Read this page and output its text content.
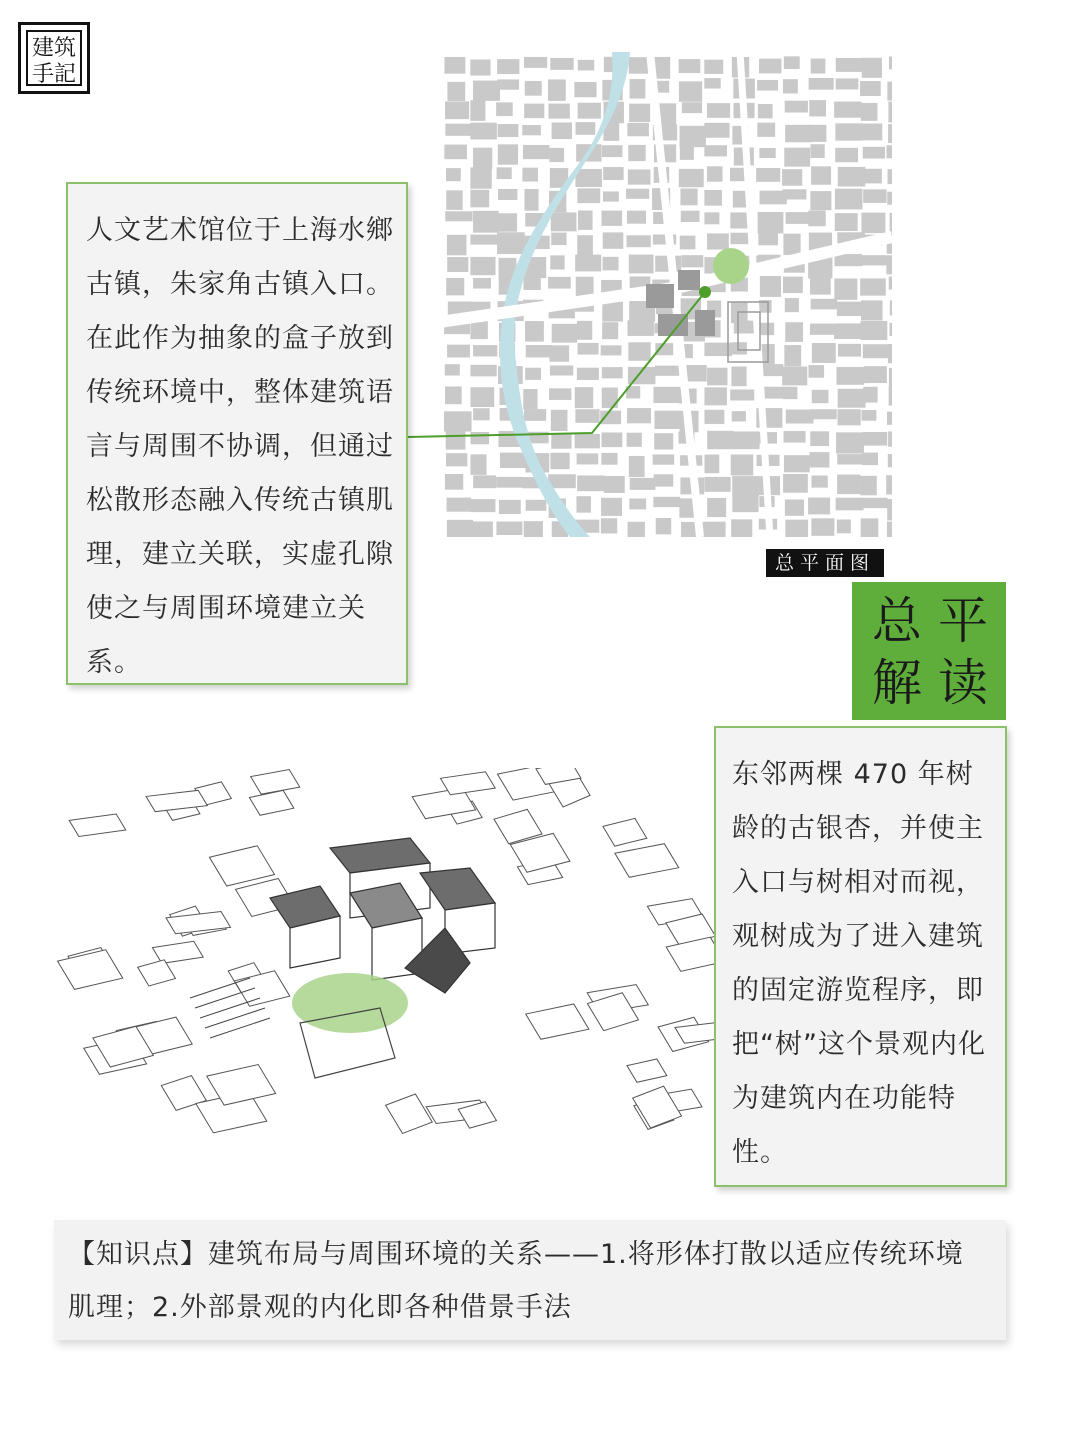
建筑
手記
总平面图

人文艺术馆位于上海水鄉古镇，朱家角古镇入口。在此作为抽象的盒子放到传统环境中，整体建筑语言与周围不协调，但通过松散形态融入传统古镇肌理，建立关联，实虚孔隙使之与周围环境建立关系。

总 平
解 读

东邻两棵 470 年树龄的古银杏，并使主入口与树相对而视，观树成为了进入建筑的固定游览程序，即把“树”这个景观内化为建筑内在功能特性。

【知识点】建筑布局与周围环境的关系——1.将形体打散以适应传统环境肌理；2.外部景观的内化即各种借景手法
